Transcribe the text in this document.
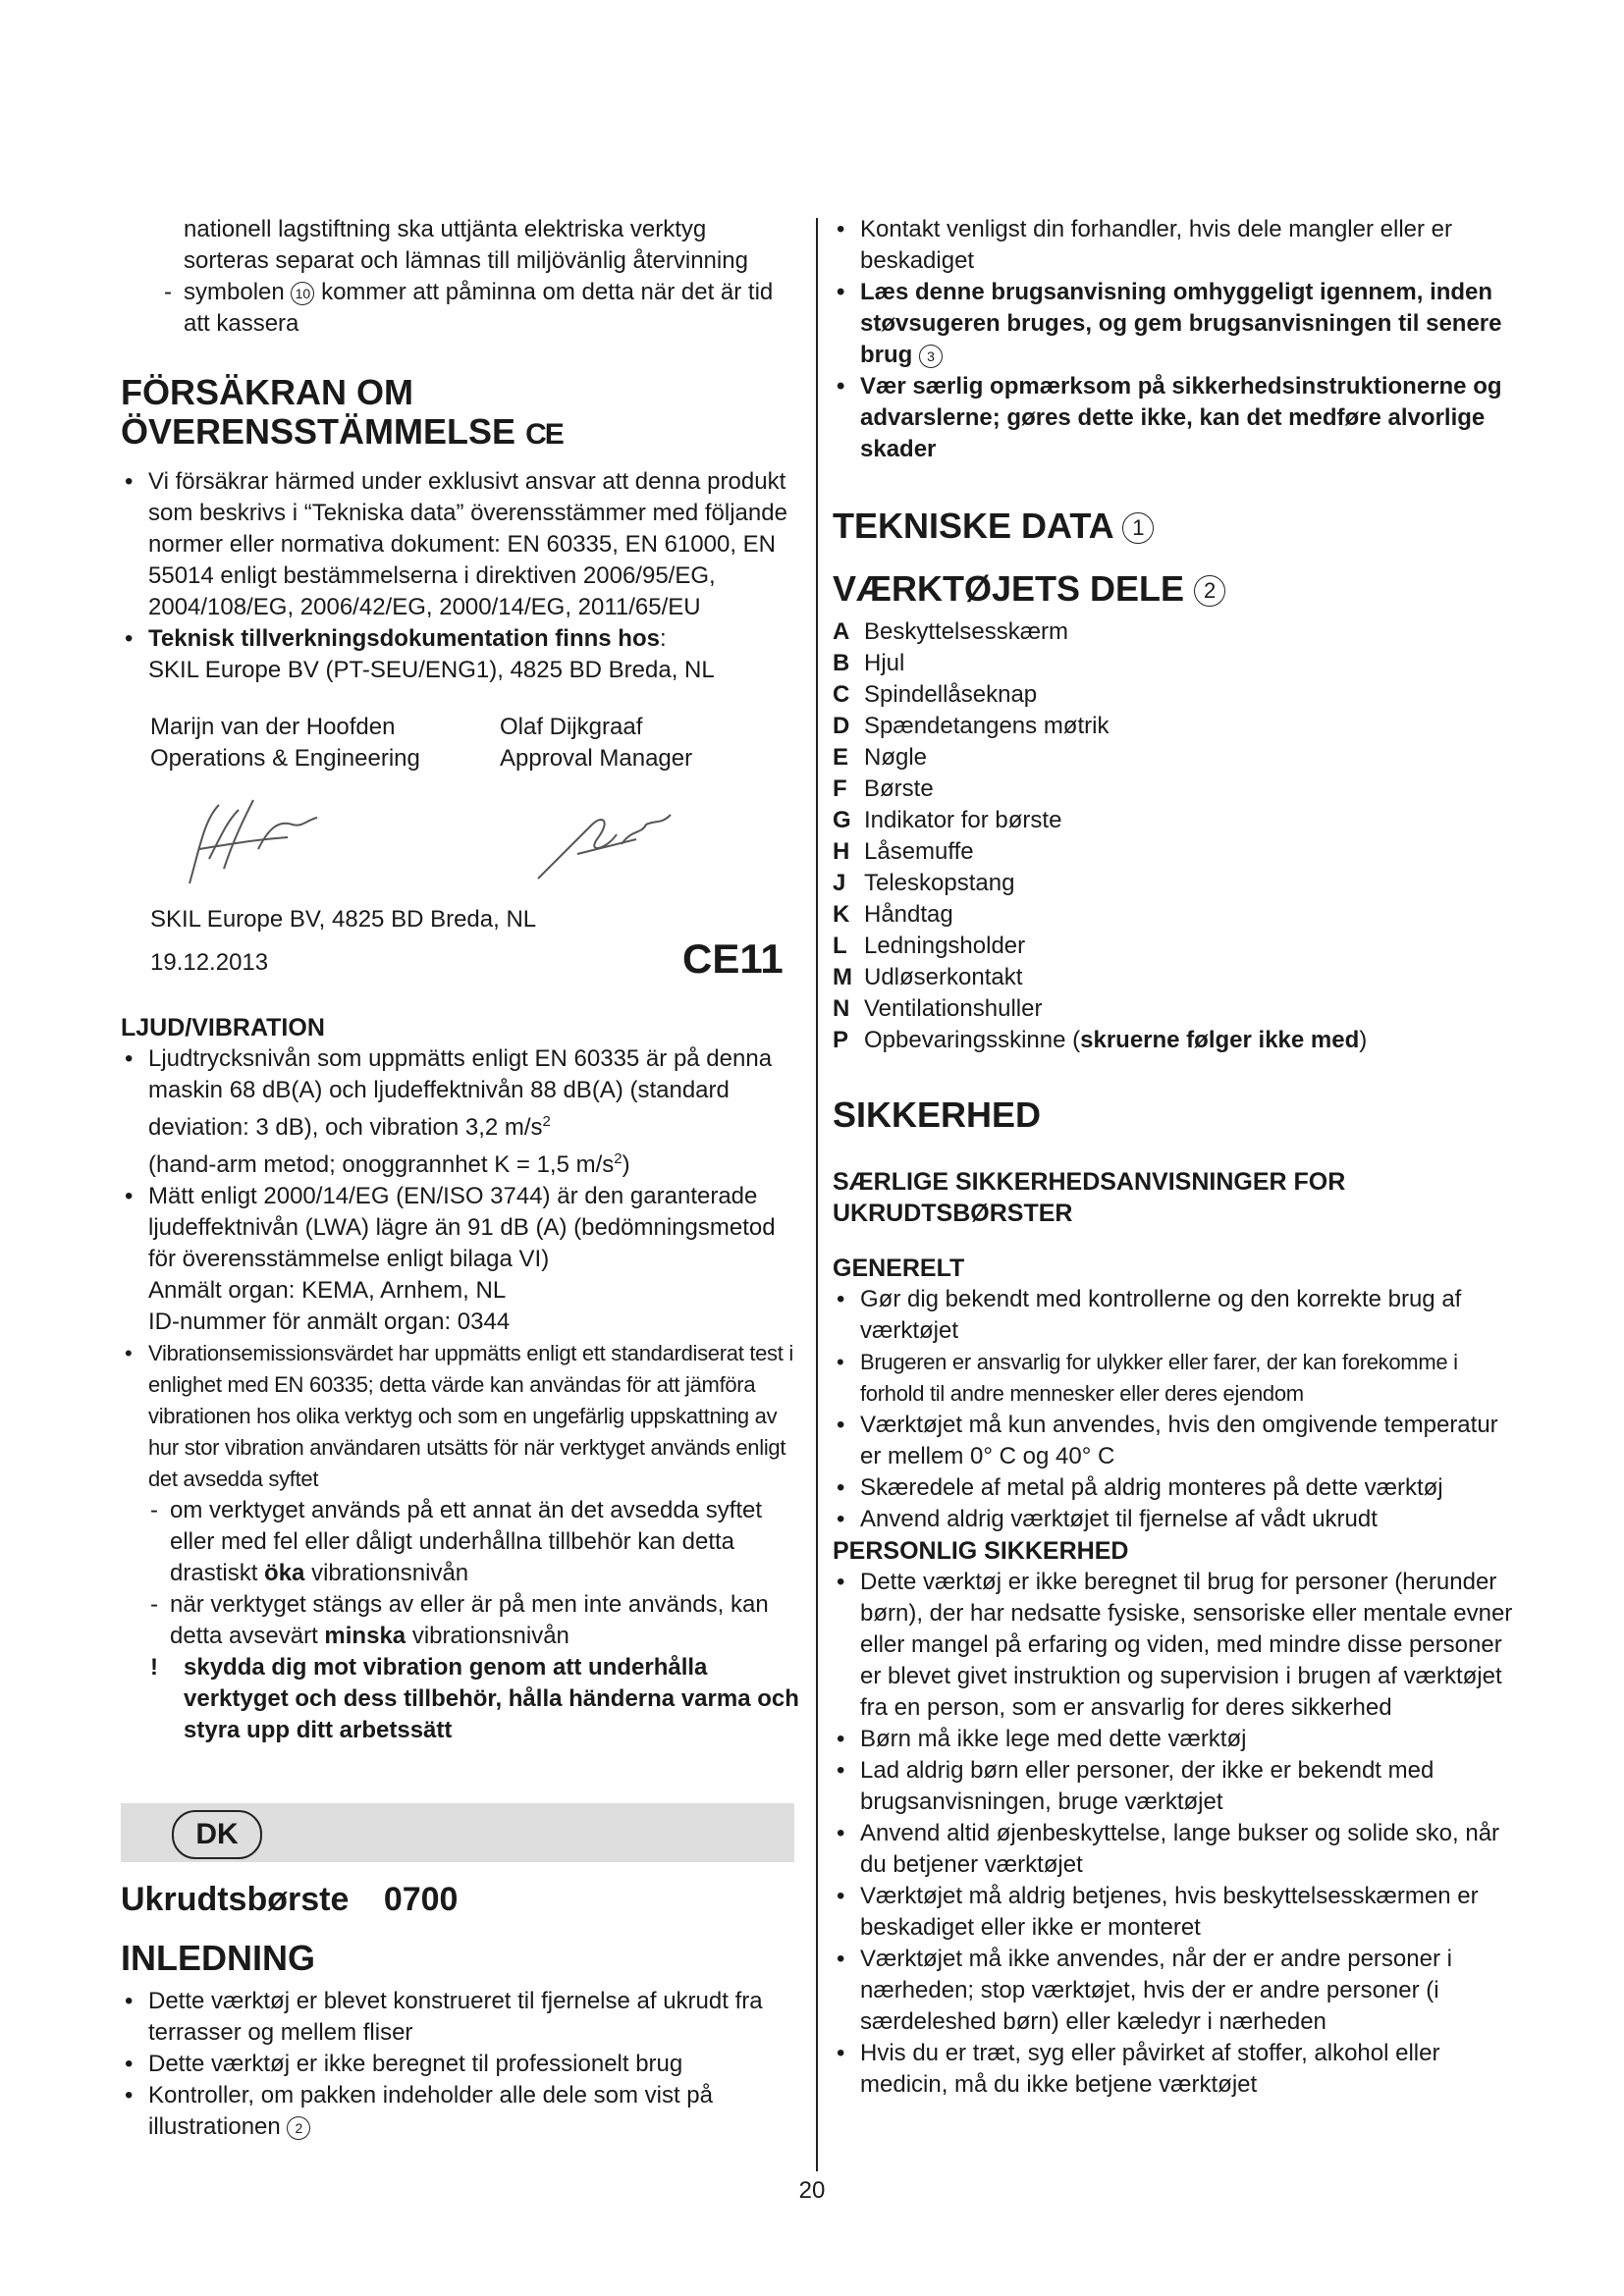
nationell lagstiftning ska uttjänta elektriska verktyg
sorteras separat och lämnas till miljövänlig återvinning
- symbolen 10 kommer att påminna om detta när det är tid att kassera
FÖRSÄKRAN OM
ÖVERENSSTÄMMELSE CE
• Vi försäkrar härmed under exklusivt ansvar att denna produkt som beskrivs i “Tekniska data” överensstämmer med följande normer eller normativa dokument: EN 60335, EN 61000, EN 55014 enligt bestämmelserna i direktiven 2006/95/EG, 2004/108/EG, 2006/42/EG, 2000/14/EG, 2011/65/EU
• Teknisk tillverkningsdokumentation finns hos:
SKIL Europe BV (PT-SEU/ENG1), 4825 BD Breda, NL
Marijn van der Hoofden
Operations & Engineering
Olaf Dijkgraaf
Approval Manager
SKIL Europe BV, 4825 BD Breda, NL
19.12.2013	CE11
LJUD/VIBRATION
• Ljudtrycksnivån som uppmätts enligt EN 60335 är på denna maskin 68 dB(A) och ljudeffektnivån 88 dB(A) (standard deviation: 3 dB), och vibration 3,2 $m/s^2$
(hand-arm metod; onoggrannhet K = 1,5 $m/s^2$)
• Mätt enligt 2000/14/EG (EN/ISO 3744) är den garanterade ljudeffektnivån (LWA) lägre än 91 dB (A) (bedömningsmetod för överensstämmelse enligt bilaga VI)
Anmält organ: KEMA, Arnhem, NL
ID-nummer för anmält organ: 0344
• Vibrationsemissionsvärdet har uppmätts enligt ett standardiserat test i enlighet med EN 60335; detta värde kan användas för att jämföra vibrationen hos olika verktyg och som en ungefärlig uppskattning av hur stor vibration användaren utsätts för när verktyget används enligt det avsedda syftet
- om verktyget används på ett annat än det avsedda syftet eller med fel eller dåligt underhållna tillbehör kan detta drastiskt öka vibrationsnivån
- när verktyget stängs av eller är på men inte används, kan detta avsevärt minska vibrationsnivån
! skydda dig mot vibration genom att underhålla verktyget och dess tillbehör, hålla händerna varma och styra upp ditt arbetssätt
DK
Ukrudtsbørste 0700
INLEDNING
• Dette værktøj er blevet konstrueret til fjernelse af ukrudt fra terrasser og mellem fliser
• Dette værktøj er ikke beregnet til professionelt brug
• Kontroller, om pakken indeholder alle dele som vist på illustrationen 2
• Kontakt venligst din forhandler, hvis dele mangler eller er beskadiget
• Læs denne brugsanvisning omhyggeligt igennem, inden støvsugeren bruges, og gem brugsanvisningen til senere brug 3
• Vær særlig opmærksom på sikkerhedsinstruktionerne og advarslerne; gøres dette ikke, kan det medføre alvorlige skader
TEKNISKE DATA 1
VÆRKTØJETS DELE 2
A Beskyttelsesskærm
B Hjul
C Spindellåseknap
D Spændetangens møtrik
E Nøgle
F Børste
G Indikator for børste
H Låsemuffe
J Teleskopstang
K Håndtag
L Ledningsholder
M Udløserkontakt
N Ventilationshuller
P Opbevaringsskinne (skruerne følger ikke med)
SIKKERHED
SÆRLIGE SIKKERHEDSANVISNINGER FOR UKRUDTSBØRSTER
GENERELT
• Gør dig bekendt med kontrollerne og den korrekte brug af værktøjet
• Brugeren er ansvarlig for ulykker eller farer, der kan forekomme i forhold til andre mennesker eller deres ejendom
• Værktøjet må kun anvendes, hvis den omgivende temperatur er mellem 0° C og 40° C
• Skæredele af metal på aldrig monteres på dette værktøj
• Anvend aldrig værktøjet til fjernelse af vådt ukrudt
PERSONLIG SIKKERHED
• Dette værktøj er ikke beregnet til brug for personer (herunder børn), der har nedsatte fysiske, sensoriske eller mentale evner eller mangel på erfaring og viden, med mindre disse personer er blevet givet instruktion og supervision i brugen af værktøjet fra en person, som er ansvarlig for deres sikkerhed
• Børn må ikke lege med dette værktøj
• Lad aldrig børn eller personer, der ikke er bekendt med brugsanvisningen, bruge værktøjet
• Anvend altid øjenbeskyttelse, lange bukser og solide sko, når du betjener værktøjet
• Værktøjet må aldrig betjenes, hvis beskyttelsesskærmen er beskadiget eller ikke er monteret
• Værktøjet må ikke anvendes, når der er andre personer i nærheden; stop værktøjet, hvis der er andre personer (i særdeleshed børn) eller kæledyr i nærheden
• Hvis du er træt, syg eller påvirket af stoffer, alkohol eller medicin, må du ikke betjene værktøjet
20
